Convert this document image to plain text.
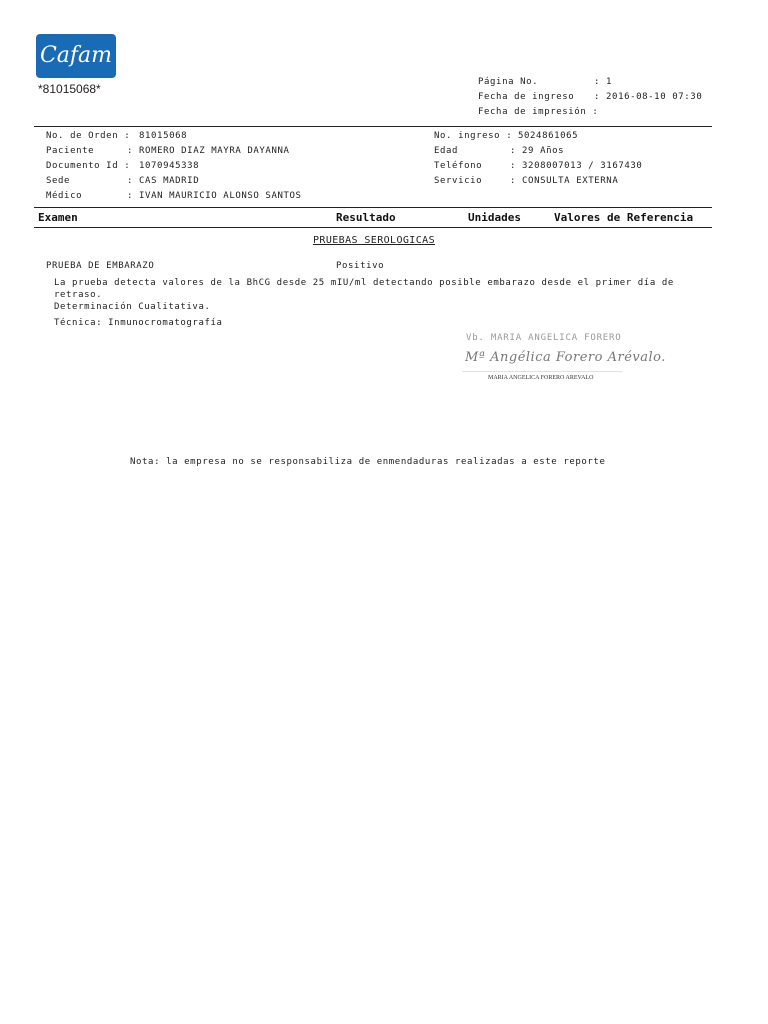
Cafam
*81015068*	Página No.	: 1
Fecha de ingreso : 2016-08-10 07:30
Fecha de impresión :
No. de Orden : 81015068
Paciente	: ROMERO DIAZ MAYRA DAYANNA
Documento Id : 1070945338
Sede	: CAS MADRID
Médico	: IVAN MAURICIO ALONSO SANTOS
No. ingreso : 5024861065
Edad	: 29 Años
Teléfono	: 3208007013 / 3167430
Servicio	: CONSULTA EXTERNA
Examen	Resultado	Unidades	Valores de Referencia
PRUEBAS SEROLOGICAS
PRUEBA DE EMBARAZO	Positivo
La prueba detecta valores de la BhCG desde 25 mIU/ml detectando posible embarazo desde el primer día de
retraso.
Determinación Cualitativa.
Técnica: Inmunocromatografía
Vb. MARIA ANGELICA FORERO
Mª Angélica Forero Arévalo.
MARIA ANGELICA FORERO AREVALO
Nota: la empresa no se responsabiliza de enmendaduras realizadas a este reporte
